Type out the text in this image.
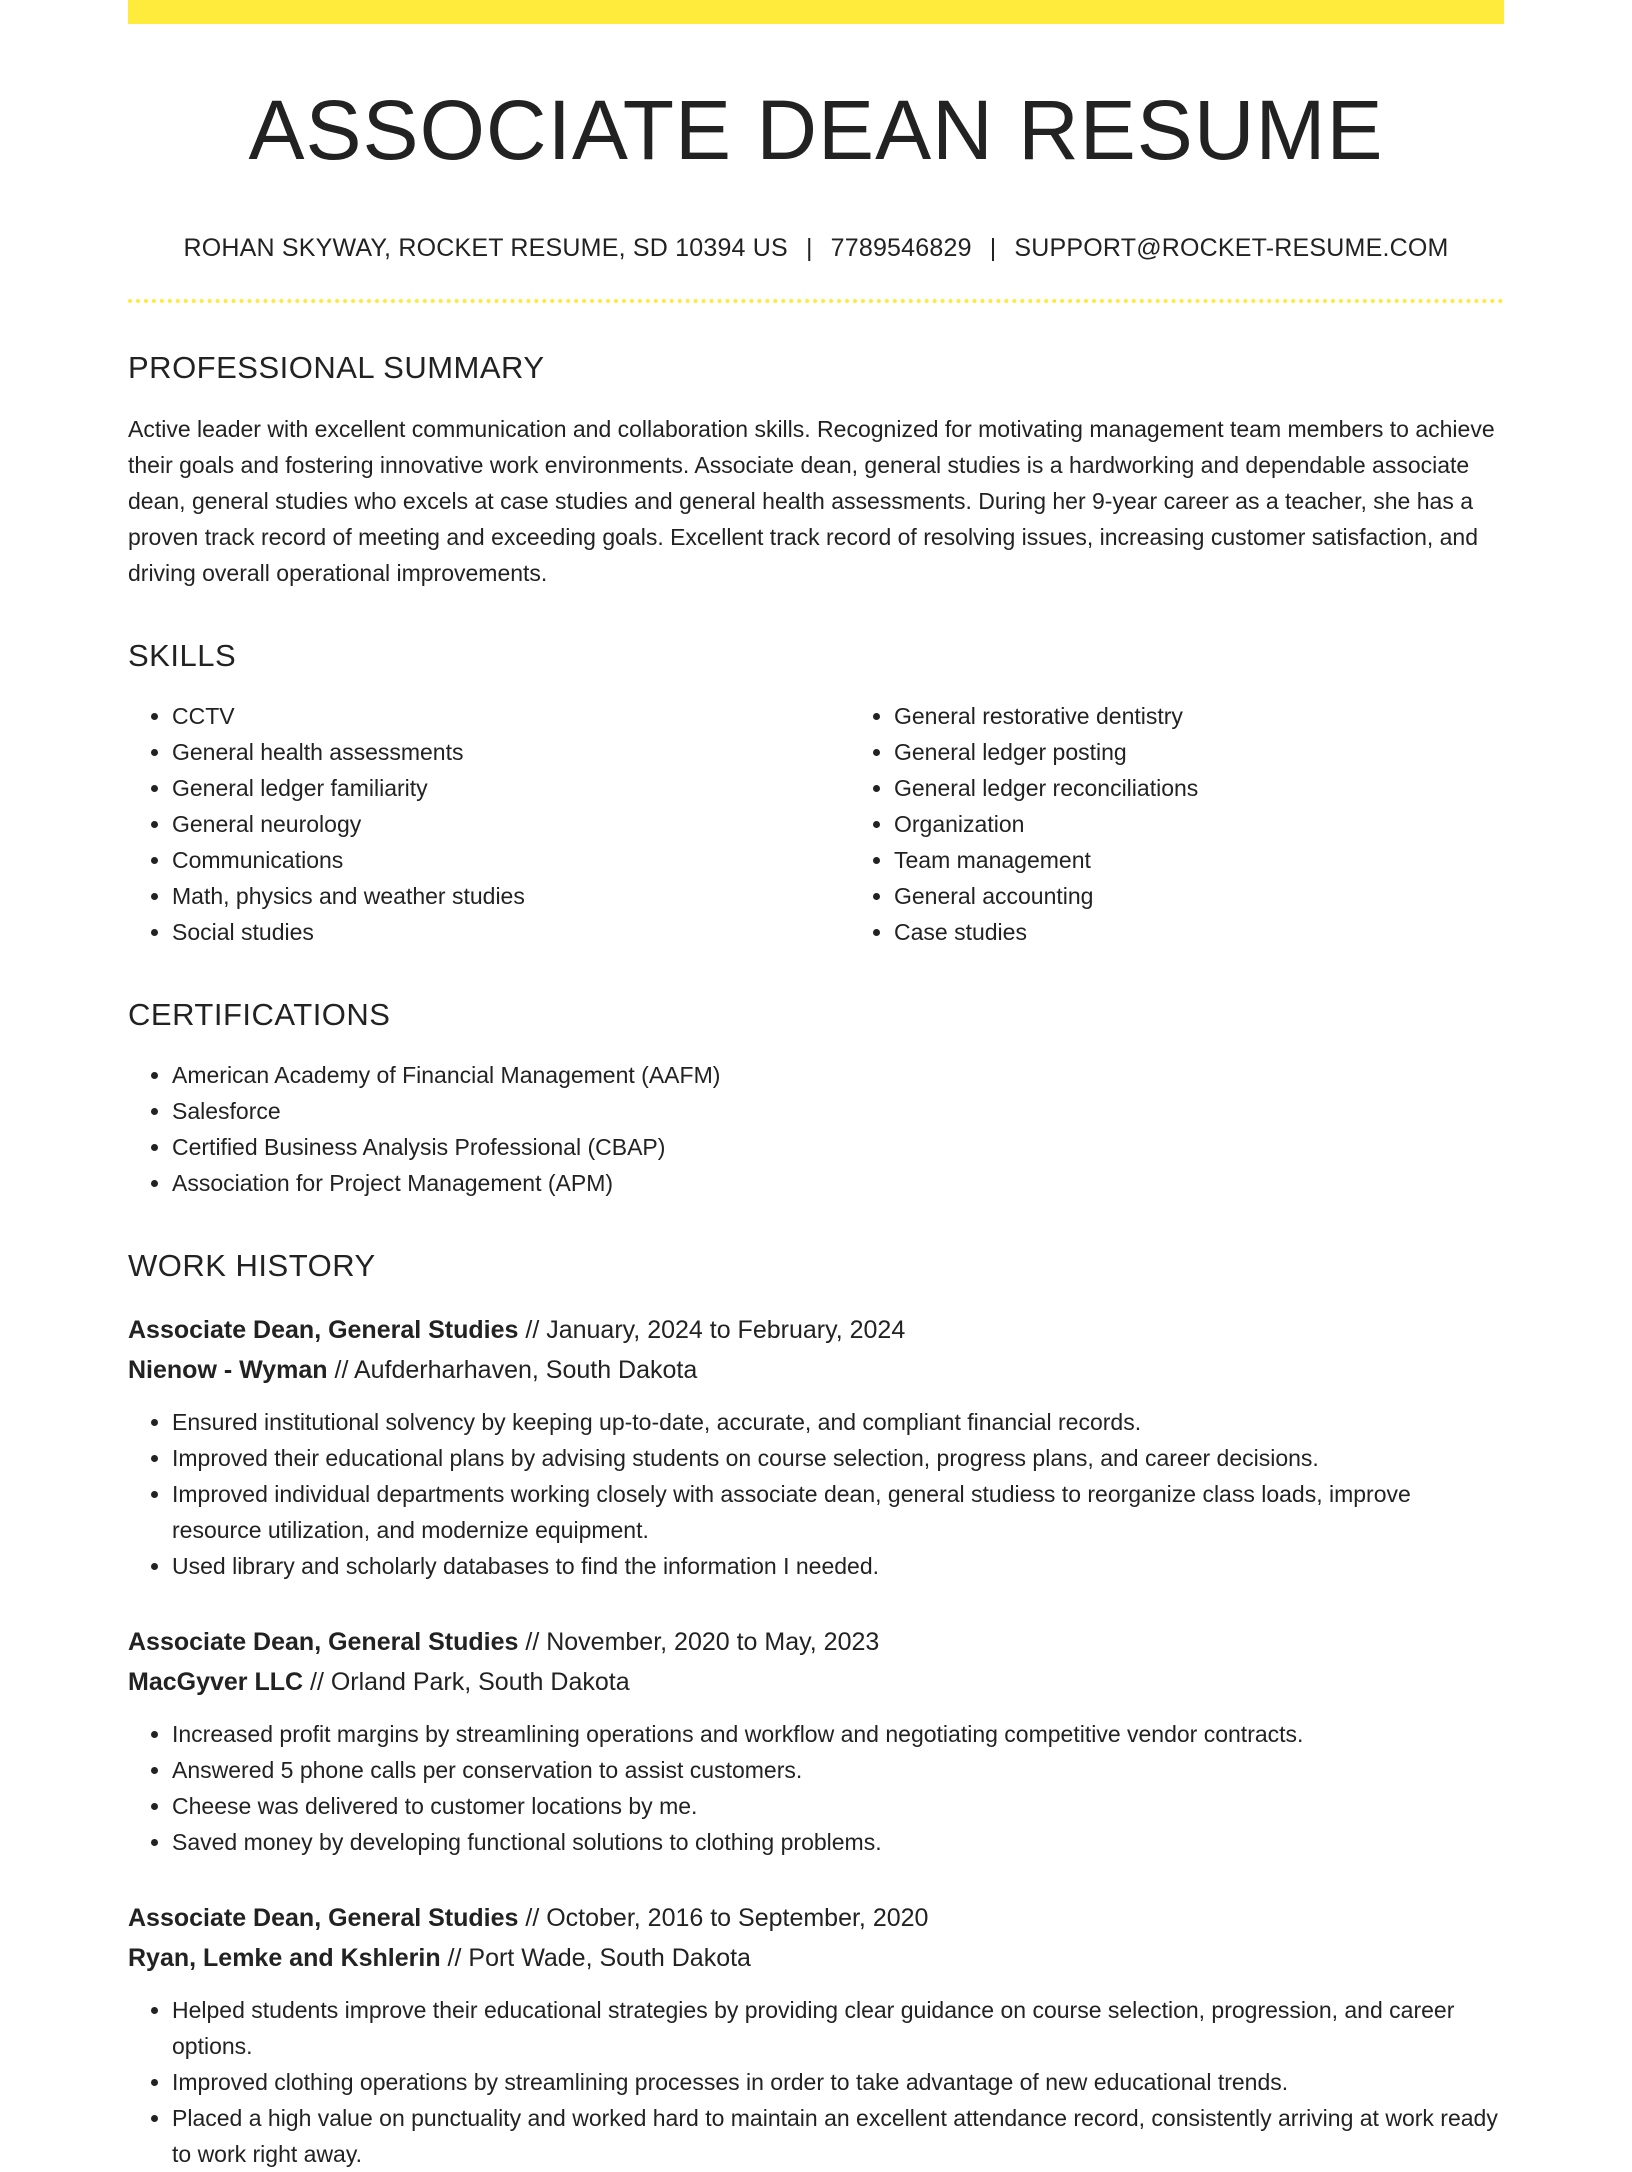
ASSOCIATE DEAN RESUME
ROHAN SKYWAY, ROCKET RESUME, SD 10394 US | 7789546829 | SUPPORT@ROCKET-RESUME.COM
PROFESSIONAL SUMMARY
Active leader with excellent communication and collaboration skills. Recognized for motivating management team members to achieve their goals and fostering innovative work environments. Associate dean, general studies is a hardworking and dependable associate dean, general studies who excels at case studies and general health assessments. During her 9-year career as a teacher, she has a proven track record of meeting and exceeding goals. Excellent track record of resolving issues, increasing customer satisfaction, and driving overall operational improvements.
SKILLS
• CCTV
• General health assessments
• General ledger familiarity
• General neurology
• Communications
• Math, physics and weather studies
• Social studies
• General restorative dentistry
• General ledger posting
• General ledger reconciliations
• Organization
• Team management
• General accounting
• Case studies
CERTIFICATIONS
• American Academy of Financial Management (AAFM)
• Salesforce
• Certified Business Analysis Professional (CBAP)
• Association for Project Management (APM)
WORK HISTORY
Associate Dean, General Studies // January, 2024 to February, 2024
Nienow - Wyman // Aufderharhaven, South Dakota
• Ensured institutional solvency by keeping up-to-date, accurate, and compliant financial records.
• Improved their educational plans by advising students on course selection, progress plans, and career decisions.
• Improved individual departments working closely with associate dean, general studiess to reorganize class loads, improve resource utilization, and modernize equipment.
• Used library and scholarly databases to find the information I needed.
Associate Dean, General Studies // November, 2020 to May, 2023
MacGyver LLC // Orland Park, South Dakota
• Increased profit margins by streamlining operations and workflow and negotiating competitive vendor contracts.
• Answered 5 phone calls per conservation to assist customers.
• Cheese was delivered to customer locations by me.
• Saved money by developing functional solutions to clothing problems.
Associate Dean, General Studies // October, 2016 to September, 2020
Ryan, Lemke and Kshlerin // Port Wade, South Dakota
• Helped students improve their educational strategies by providing clear guidance on course selection, progression, and career options.
• Improved clothing operations by streamlining processes in order to take advantage of new educational trends.
• Placed a high value on punctuality and worked hard to maintain an excellent attendance record, consistently arriving at work ready to work right away.
